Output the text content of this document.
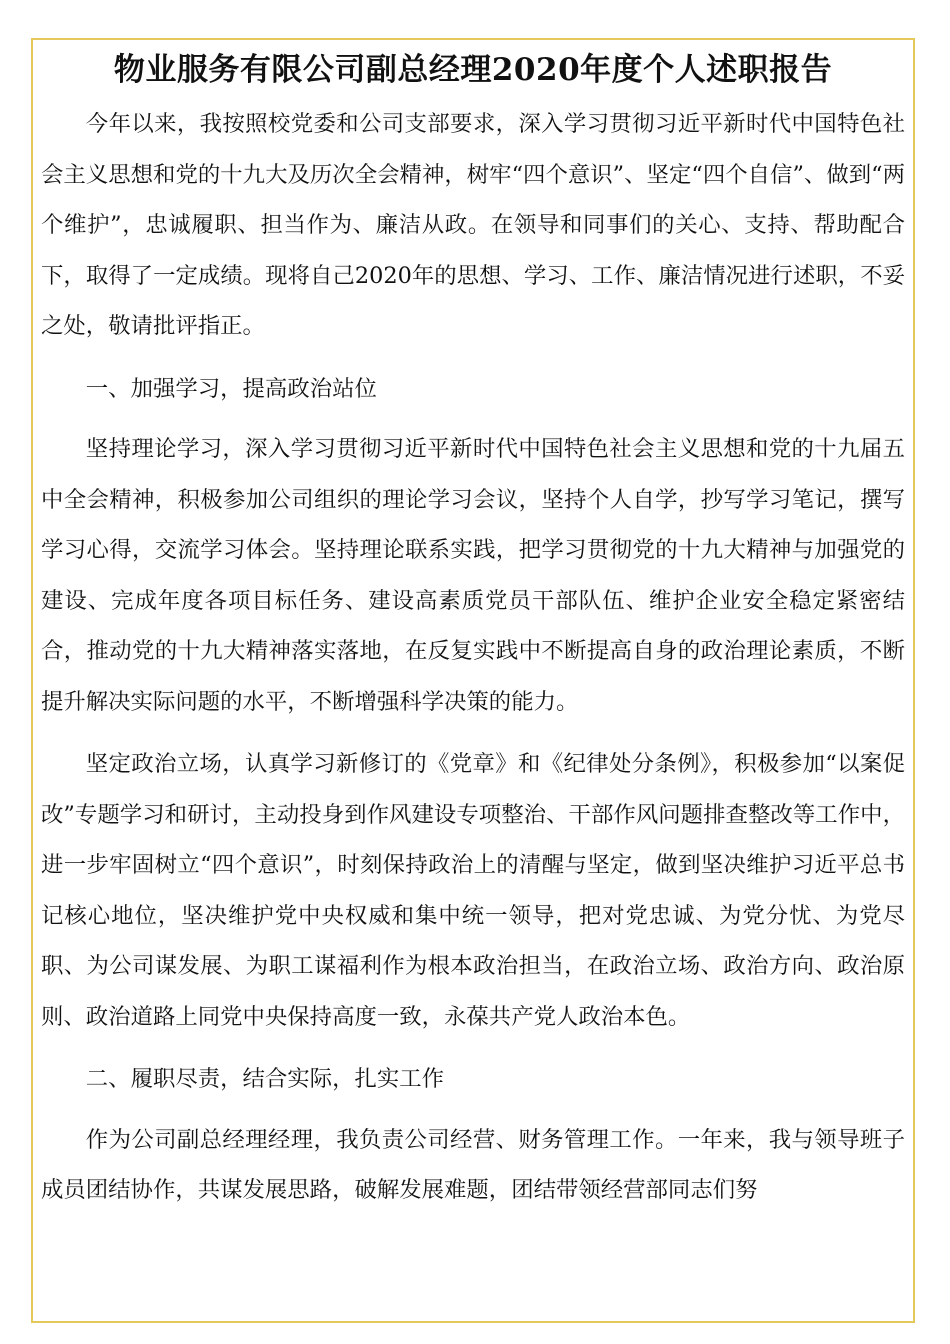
物业服务有限公司副总经理2020年度个人述职报告

今年以来，我按照校党委和公司支部要求，深入学习贯彻习近平新时代中国特色社会主义思想和党的十九大及历次全会精神，树牢“四个意识”、坚定“四个自信”、做到“两个维护”，忠诚履职、担当作为、廉洁从政。在领导和同事们的关心、支持、帮助配合下，取得了一定成绩。现将自己2020年的思想、学习、工作、廉洁情况进行述职，不妥之处，敬请批评指正。

一、加强学习，提高政治站位

坚持理论学习，深入学习贯彻习近平新时代中国特色社会主义思想和党的十九届五中全会精神，积极参加公司组织的理论学习会议，坚持个人自学，抄写学习笔记，撰写学习心得，交流学习体会。坚持理论联系实践，把学习贯彻党的十九大精神与加强党的建设、完成年度各项目标任务、建设高素质党员干部队伍、维护企业安全稳定紧密结合，推动党的十九大精神落实落地，在反复实践中不断提高自身的政治理论素质，不断提升解决实际问题的水平，不断增强科学决策的能力。

坚定政治立场，认真学习新修订的《党章》和《纪律处分条例》，积极参加“以案促改”专题学习和研讨，主动投身到作风建设专项整治、干部作风问题排查整改等工作中，进一步牢固树立“四个意识”，时刻保持政治上的清醒与坚定，做到坚决维护习近平总书记核心地位，坚决维护党中央权威和集中统一领导，把对党忠诚、为党分忧、为党尽职、为公司谋发展、为职工谋福利作为根本政治担当，在政治立场、政治方向、政治原则、政治道路上同党中央保持高度一致，永葆共产党人政治本色。

二、履职尽责，结合实际，扎实工作

作为公司副总经理经理，我负责公司经营、财务管理工作。一年来，我与领导班子成员团结协作，共谋发展思路，破解发展难题，团结带领经营部同志们努
